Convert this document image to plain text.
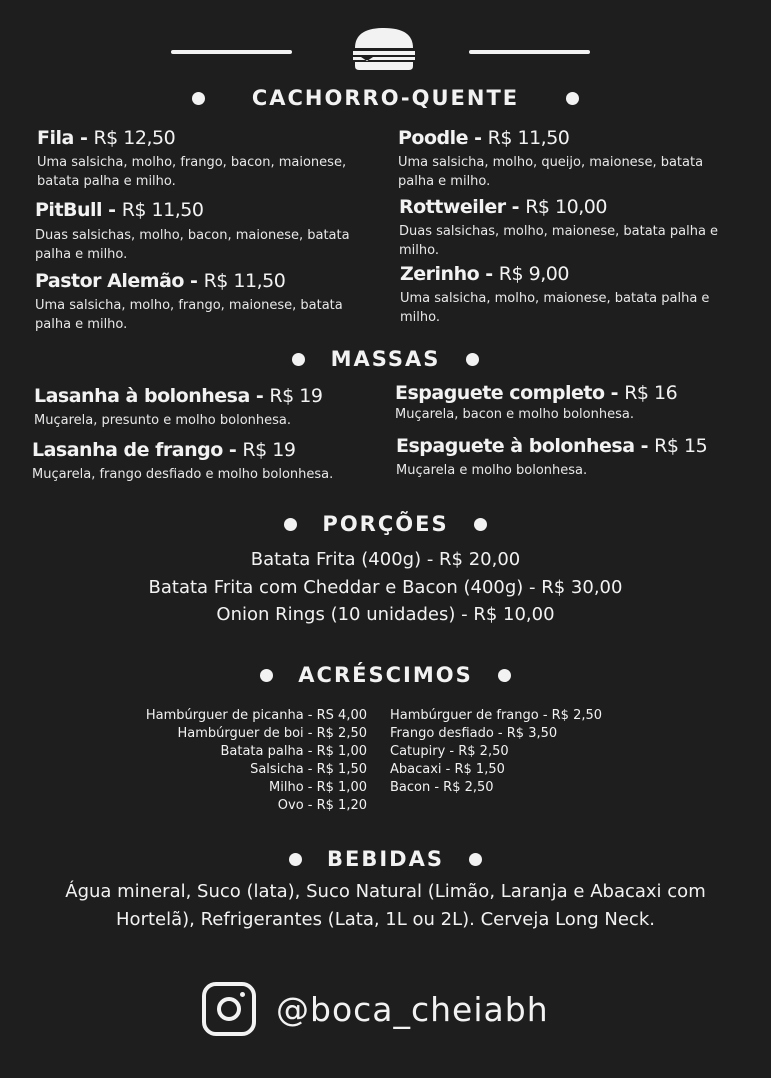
CACHORRO-QUENTE
Fila - R$ 12,50
Uma salsicha, molho, frango, bacon, maionese,
batata palha e milho.
PitBull - R$ 11,50
Duas salsichas, molho, bacon, maionese, batata
palha e milho.
Pastor Alemão - R$ 11,50
Uma salsicha, molho, frango, maionese, batata
palha e milho.
Poodle - R$ 11,50
Uma salsicha, molho, queijo, maionese, batata
palha e milho.
Rottweiler - R$ 10,00
Duas salsichas, molho, maionese, batata palha e
milho.
Zerinho - R$ 9,00
Uma salsicha, molho, maionese, batata palha e
milho.
MASSAS
Lasanha à bolonhesa - R$ 19
Muçarela, presunto e molho bolonhesa.
Lasanha de frango - R$ 19
Muçarela, frango desfiado e molho bolonhesa.
Espaguete completo - R$ 16
Muçarela, bacon e molho bolonhesa.
Espaguete à bolonhesa - R$ 15
Muçarela e molho bolonhesa.
PORÇÕES
Batata Frita (400g) - R$ 20,00
Batata Frita com Cheddar e Bacon (400g) - R$ 30,00
Onion Rings (10 unidades) - R$ 10,00
ACRÉSCIMOS
Hambúrguer de picanha - RS 4,00
Hambúrguer de boi - R$ 2,50
Batata palha - R$ 1,00
Salsicha - R$ 1,50
Milho - R$ 1,00
Ovo - R$ 1,20
Hambúrguer de frango - R$ 2,50
Frango desfiado - R$ 3,50
Catupiry - R$ 2,50
Abacaxi - R$ 1,50
Bacon - R$ 2,50
BEBIDAS
Água mineral, Suco (lata), Suco Natural (Limão, Laranja e Abacaxi com
Hortelã), Refrigerantes (Lata, 1L ou 2L). Cerveja Long Neck.
@boca_cheiabh
